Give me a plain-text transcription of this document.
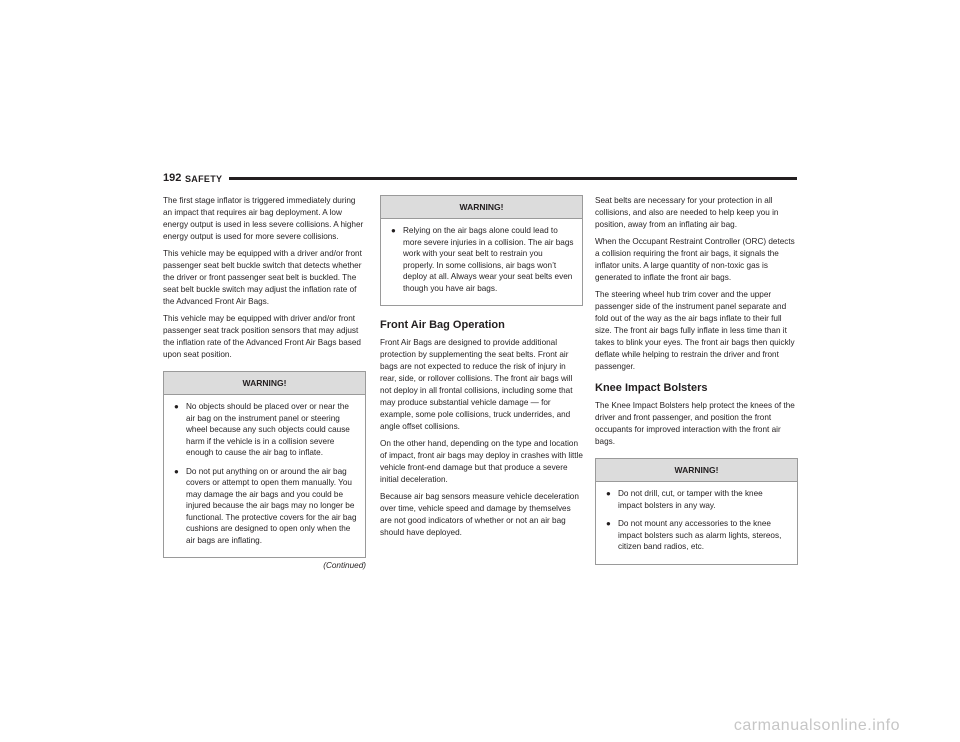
192 SAFETY

The first stage inflator is triggered immediately during an impact that requires air bag deployment. A low energy output is used in less severe collisions. A higher energy output is used for more severe collisions.

This vehicle may be equipped with a driver and/or front passenger seat belt buckle switch that detects whether the driver or front passenger seat belt is buckled. The seat belt buckle switch may adjust the inflation rate of the Advanced Front Air Bags.

This vehicle may be equipped with driver and/or front passenger seat track position sensors that may adjust the inflation rate of the Advanced Front Air Bags based upon seat position.

WARNING!
● No objects should be placed over or near the air bag on the instrument panel or steering wheel because any such objects could cause harm if the vehicle is in a collision severe enough to cause the air bag to inflate.
● Do not put anything on or around the air bag covers or attempt to open them manually. You may damage the air bags and you could be injured because the air bags may no longer be functional. The protective covers for the air bag cushions are designed to open only when the air bags are inflating.
(Continued)
WARNING!
● Relying on the air bags alone could lead to more severe injuries in a collision. The air bags work with your seat belt to restrain you properly. In some collisions, air bags won’t deploy at all. Always wear your seat belts even though you have air bags.
Front Air Bag Operation

Front Air Bags are designed to provide additional protection by supplementing the seat belts. Front air bags are not expected to reduce the risk of injury in rear, side, or rollover collisions. The front air bags will not deploy in all frontal collisions, including some that may produce substantial vehicle damage — for example, some pole collisions, truck underrides, and angle offset collisions.

On the other hand, depending on the type and location of impact, front air bags may deploy in crashes with little vehicle front-end damage but that produce a severe initial deceleration.

Because air bag sensors measure vehicle deceleration over time, vehicle speed and damage by themselves are not good indicators of whether or not an air bag should have deployed.

Seat belts are necessary for your protection in all collisions, and also are needed to help keep you in position, away from an inflating air bag.

When the Occupant Restraint Controller (ORC) detects a collision requiring the front air bags, it signals the inflator units. A large quantity of non-toxic gas is generated to inflate the front air bags.

The steering wheel hub trim cover and the upper passenger side of the instrument panel separate and fold out of the way as the air bags inflate to their full size. The front air bags fully inflate in less time than it takes to blink your eyes. The front air bags then quickly deflate while helping to restrain the driver and front passenger.

Knee Impact Bolsters

The Knee Impact Bolsters help protect the knees of the driver and front passenger, and position the front occupants for improved interaction with the front air bags.

WARNING!
● Do not drill, cut, or tamper with the knee impact bolsters in any way.
● Do not mount any accessories to the knee impact bolsters such as alarm lights, stereos, citizen band radios, etc.
carmanualsonline.info
